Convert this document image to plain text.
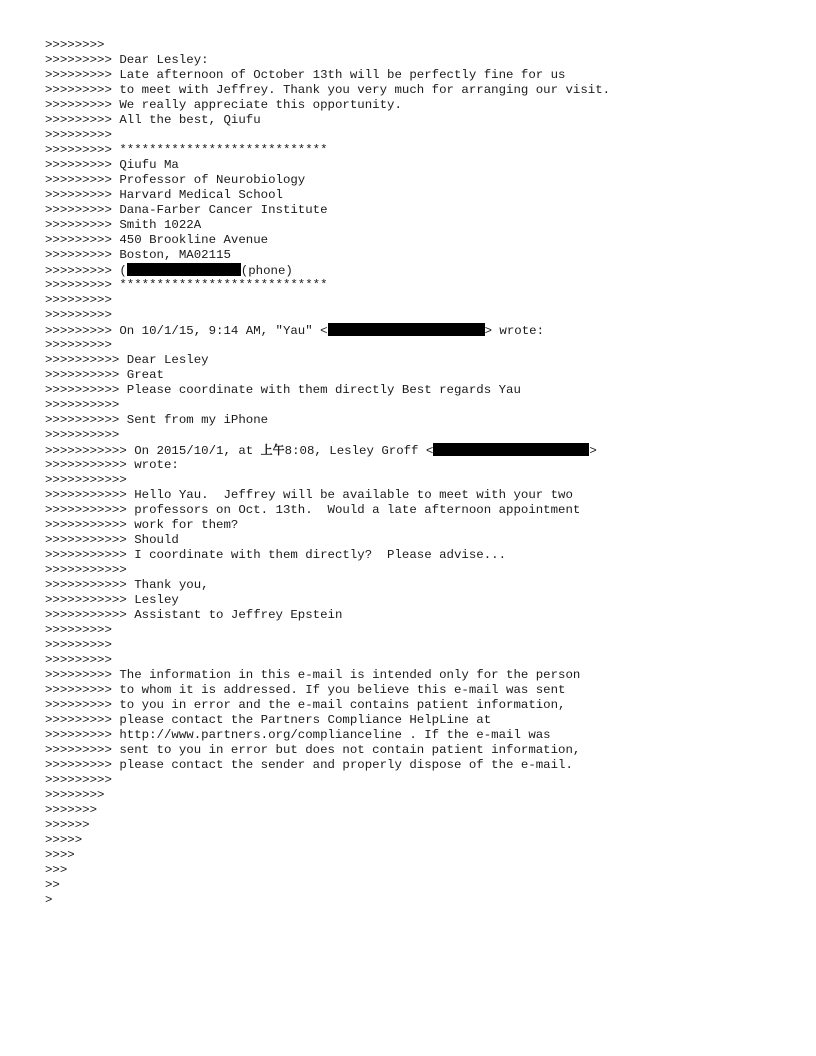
>>>>>>>>
>>>>>>>>> Dear Lesley:
>>>>>>>>> Late afternoon of October 13th will be perfectly fine for us
>>>>>>>>> to meet with Jeffrey. Thank you very much for arranging our visit.
>>>>>>>>> We really appreciate this opportunity.
>>>>>>>>> All the best, Qiufu
>>>>>>>>>
>>>>>>>>> ****************************
>>>>>>>>> Qiufu Ma
>>>>>>>>> Professor of Neurobiology
>>>>>>>>> Harvard Medical School
>>>>>>>>> Dana-Farber Cancer Institute
>>>>>>>>> Smith 1022A
>>>>>>>>> 450 Brookline Avenue
>>>>>>>>> Boston, MA02115
>>>>>>>>> (	(phone)
>>>>>>>>> ****************************
>>>>>>>>>
>>>>>>>>>
>>>>>>>>> On 10/1/15, 9:14 AM, "Yau" <	> wrote:
>>>>>>>>>
>>>>>>>>>> Dear Lesley
>>>>>>>>>> Great
>>>>>>>>>> Please coordinate with them directly Best regards Yau
>>>>>>>>>>
>>>>>>>>>> Sent from my iPhone
>>>>>>>>>>
>>>>>>>>>>> On 2015/10/1, at 上午8:08, Lesley Groff <	>
>>>>>>>>>>> wrote:
>>>>>>>>>>>
>>>>>>>>>>> Hello Yau.  Jeffrey will be available to meet with your two
>>>>>>>>>>> professors on Oct. 13th.  Would a late afternoon appointment
>>>>>>>>>>> work for them?
>>>>>>>>>>> Should
>>>>>>>>>>> I coordinate with them directly?  Please advise...
>>>>>>>>>>>
>>>>>>>>>>> Thank you,
>>>>>>>>>>> Lesley
>>>>>>>>>>> Assistant to Jeffrey Epstein
>>>>>>>>>
>>>>>>>>>
>>>>>>>>>
>>>>>>>>> The information in this e-mail is intended only for the person
>>>>>>>>> to whom it is addressed. If you believe this e-mail was sent
>>>>>>>>> to you in error and the e-mail contains patient information,
>>>>>>>>> please contact the Partners Compliance HelpLine at
>>>>>>>>> http://www.partners.org/complianceline . If the e-mail was
>>>>>>>>> sent to you in error but does not contain patient information,
>>>>>>>>> please contact the sender and properly dispose of the e-mail.
>>>>>>>>>
>>>>>>>>
>>>>>>>
>>>>>>
>>>>>
>>>>
>>>
>>
>
